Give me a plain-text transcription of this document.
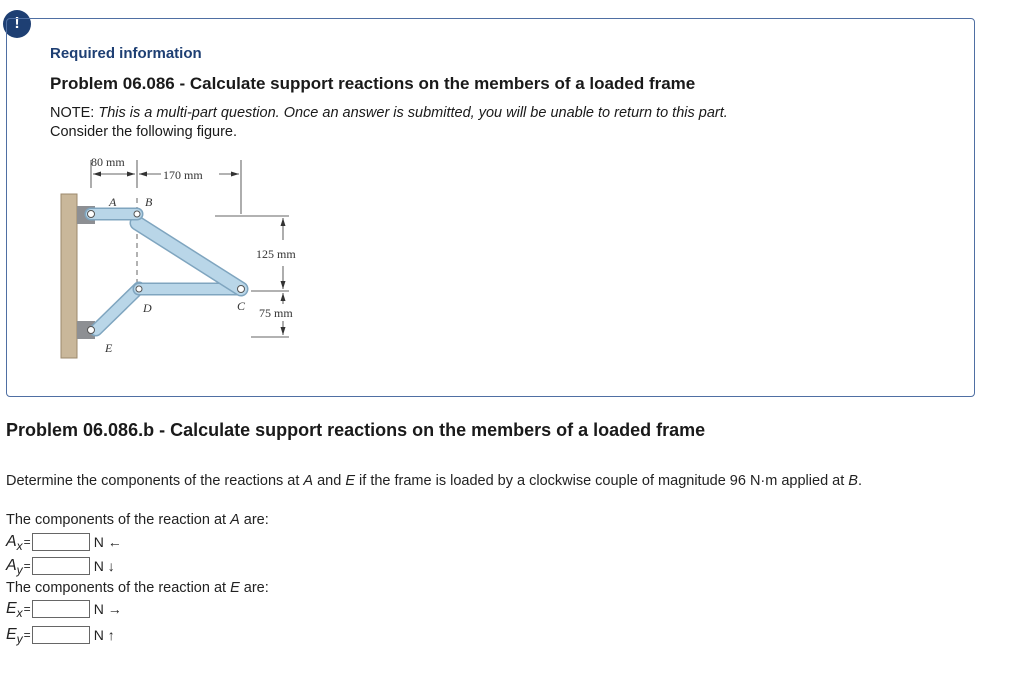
!
Required information
Problem 06.086 - Calculate support reactions on the members of a loaded frame
NOTE: This is a multi-part question. Once an answer is submitted, you will be unable to return to this part.
Consider the following figure.
80 mm
170 mm
125 mm
75 mm
A B
C
D
E
Problem 06.086.b - Calculate support reactions on the members of a loaded frame
Determine the components of the reactions at A and E if the frame is loaded by a clockwise couple of magnitude 96 N·m applied at B.
The components of the reaction at A are:
A x =	N ←
A y =	N ↓
The components of the reaction at E are:
E x =	N →
E y =	N ↑
